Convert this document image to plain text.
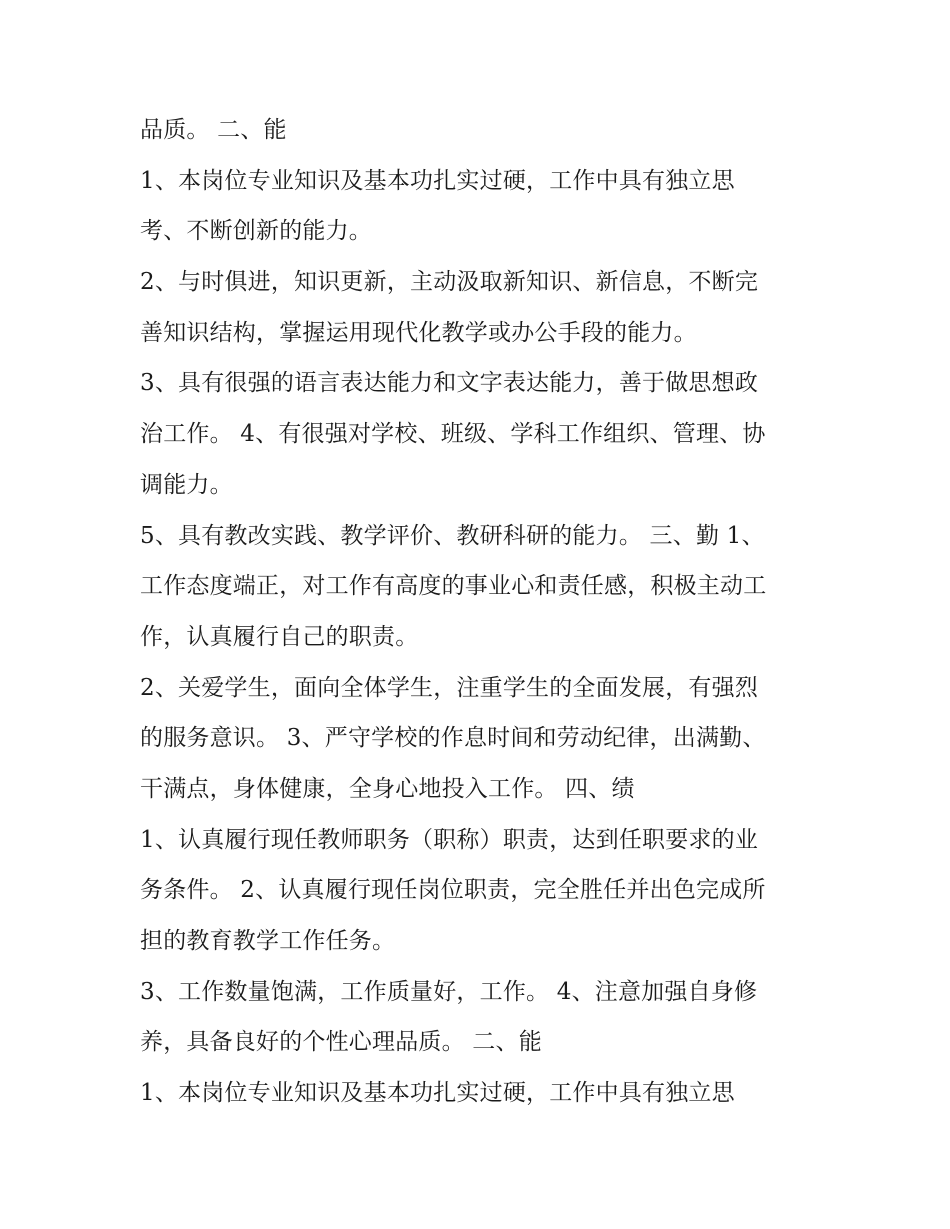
品质。 二、能
1、本岗位专业知识及基本功扎实过硬，工作中具有独立思
考、不断创新的能力。
2、与时俱进，知识更新，主动汲取新知识、新信息，不断完
善知识结构，掌握运用现代化教学或办公手段的能力。
3、具有很强的语言表达能力和文字表达能力，善于做思想政
治工作。 4、有很强对学校、班级、学科工作组织、管理、协
调能力。
5、具有教改实践、教学评价、教研科研的能力。 三、勤 1、
工作态度端正，对工作有高度的事业心和责任感，积极主动工
作，认真履行自己的职责。
2、关爱学生，面向全体学生，注重学生的全面发展，有强烈
的服务意识。 3、严守学校的作息时间和劳动纪律，出满勤、
干满点，身体健康，全身心地投入工作。 四、绩
1、认真履行现任教师职务（职称）职责，达到任职要求的业
务条件。 2、认真履行现任岗位职责，完全胜任并出色完成所
担的教育教学工作任务。
3、工作数量饱满，工作质量好，工作。 4、注意加强自身修
养，具备良好的个性心理品质。 二、能
1、本岗位专业知识及基本功扎实过硬，工作中具有独立思
